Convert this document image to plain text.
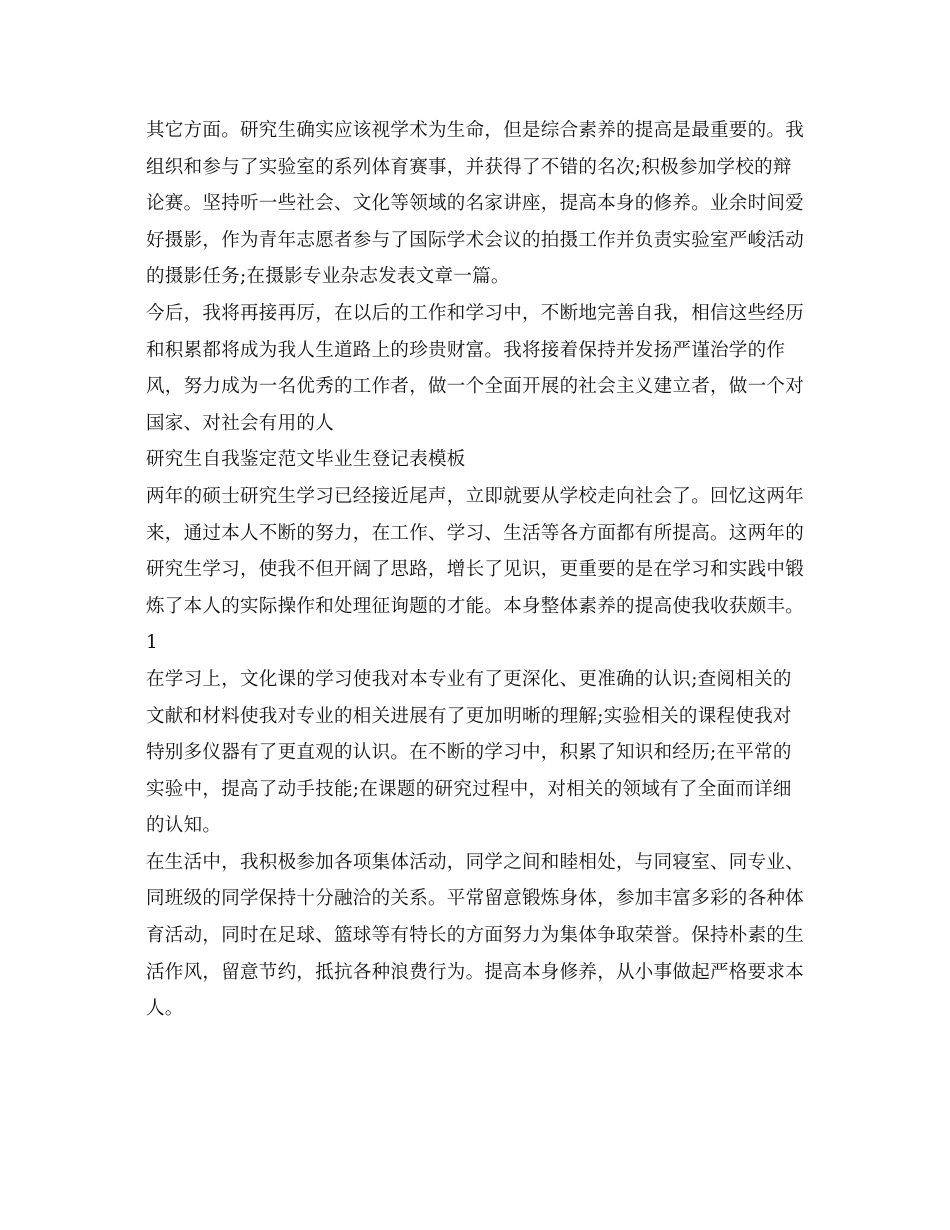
其它方面。研究生确实应该视学术为生命，但是综合素养的提高是最重要的。我
组织和参与了实验室的系列体育赛事，并获得了不错的名次;积极参加学校的辩
论赛。坚持听一些社会、文化等领域的名家讲座，提高本身的修养。业余时间爱
好摄影，作为青年志愿者参与了国际学术会议的拍摄工作并负责实验室严峻活动
的摄影任务;在摄影专业杂志发表文章一篇。
今后，我将再接再厉，在以后的工作和学习中，不断地完善自我，相信这些经历
和积累都将成为我人生道路上的珍贵财富。我将接着保持并发扬严谨治学的作
风，努力成为一名优秀的工作者，做一个全面开展的社会主义建立者，做一个对
国家、对社会有用的人
研究生自我鉴定范文毕业生登记表模板
两年的硕士研究生学习已经接近尾声，立即就要从学校走向社会了。回忆这两年
来，通过本人不断的努力，在工作、学习、生活等各方面都有所提高。这两年的
研究生学习，使我不但开阔了思路，增长了见识，更重要的是在学习和实践中锻
炼了本人的实际操作和处理征询题的才能。本身整体素养的提高使我收获颇丰。
1
在学习上，文化课的学习使我对本专业有了更深化、更准确的认识;查阅相关的
文献和材料使我对专业的相关进展有了更加明晰的理解;实验相关的课程使我对
特别多仪器有了更直观的认识。在不断的学习中，积累了知识和经历;在平常的
实验中，提高了动手技能;在课题的研究过程中，对相关的领域有了全面而详细
的认知。
在生活中，我积极参加各项集体活动，同学之间和睦相处，与同寝室、同专业、
同班级的同学保持十分融洽的关系。平常留意锻炼身体，参加丰富多彩的各种体
育活动，同时在足球、篮球等有特长的方面努力为集体争取荣誉。保持朴素的生
活作风，留意节约，抵抗各种浪费行为。提高本身修养，从小事做起严格要求本
人。
